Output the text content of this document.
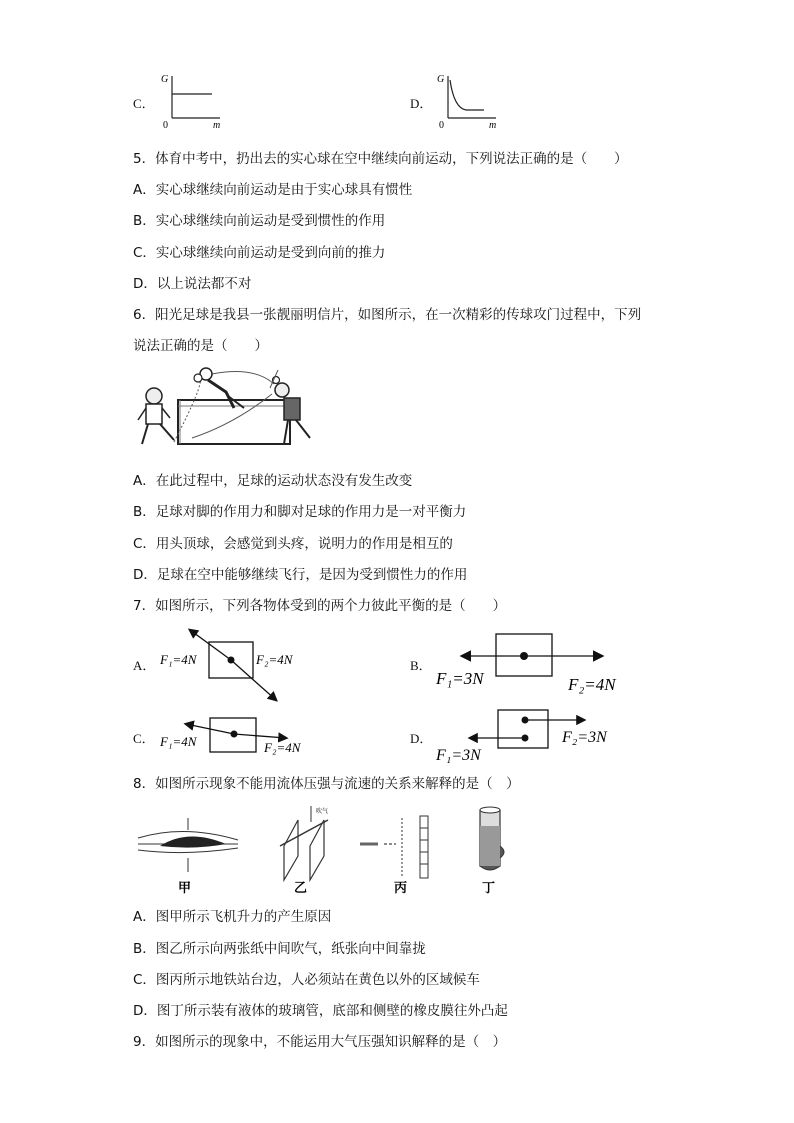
C．
G
0	m
D．
G
0	m
5．体育中考中，扔出去的实心球在空中继续向前运动，下列说法正确的是（　　）
A．实心球继续向前运动是由于实心球具有惯性
B．实心球继续向前运动是受到惯性的作用
C．实心球继续向前运动是受到向前的推力
D．以上说法都不对
6．阳光足球是我县一张靓丽明信片，如图所示，在一次精彩的传球攻门过程中，下列
说法正确的是（　　）
A．在此过程中，足球的运动状态没有发生改变
B．足球对脚的作用力和脚对足球的作用力是一对平衡力
C．用头顶球，会感觉到头疼，说明力的作用是相互的
D．足球在空中能够继续飞行，是因为受到惯性力的作用
7．如图所示，下列各物体受到的两个力彼此平衡的是（　　）
A． F₁=4N	F₂=4N	B．
F₁=3N	F₂=4N
C． F₁=4N	F₂=4N
D．
F₁=3N
F₂=3N
8．如图所示现象不能用流体压强与流速的关系来解释的是（　）
甲
吹气
乙	丙	丁
A．图甲所示飞机升力的产生原因
B．图乙所示向两张纸中间吹气，纸张向中间靠拢
C．图丙所示地铁站台边，人必须站在黄色以外的区域候车
D．图丁所示装有液体的玻璃管，底部和侧壁的橡皮膜往外凸起
9．如图所示的现象中，不能运用大气压强知识解释的是（　）
